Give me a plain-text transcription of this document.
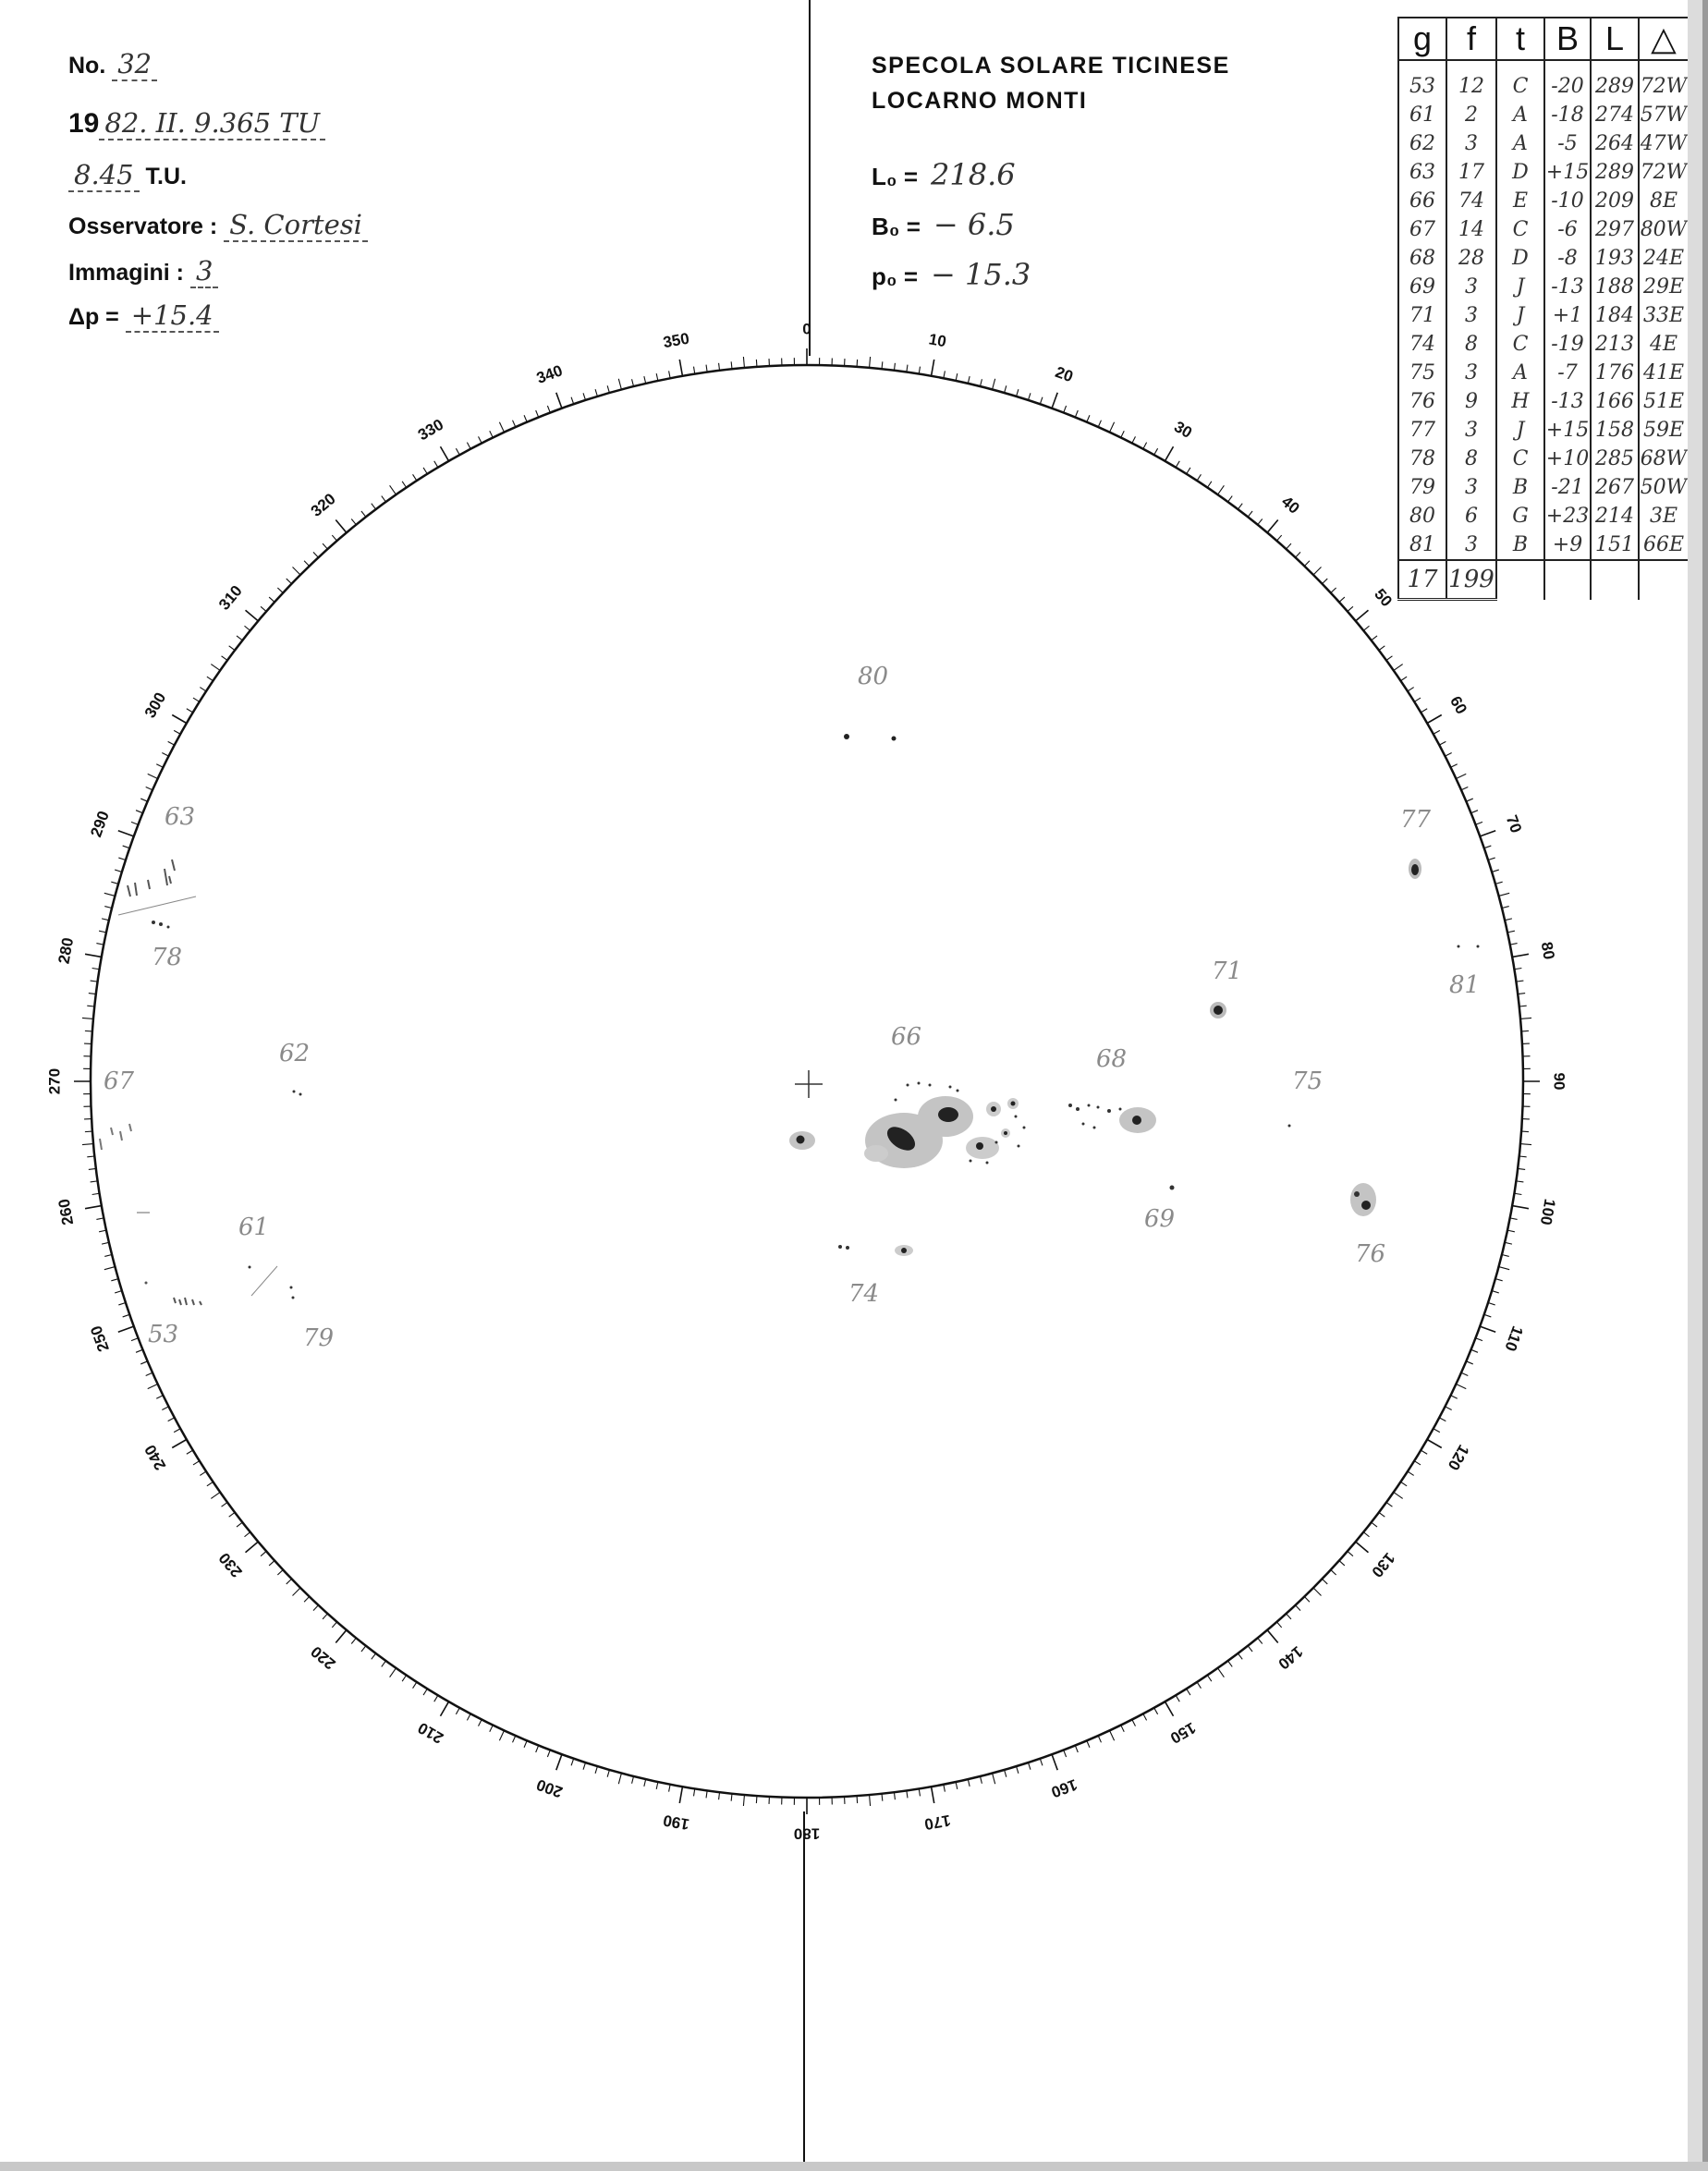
No. 32
19 82. II. 9.365 TU
8.45 T.U.
Osservatore : S. Cortesi
Immagini : 3
Δp = +15.4
SPECOLA SOLARE TICINESE
LOCARNO MONTI
L₀ = 218.6
B₀ = − 6.5
p₀ = − 15.3
0
10
20
30
40
50
60
70
80
90
100
110
120
130
140
150
160
170
180
190
200
210
220
230
240
250
260
270
280
290
300
310
320
330
340
350
80
63
78
77
71	81
66
68
62
67	75
69
76
61
74
53	79
g	f	t	B	L	△
53	12	C	-20	289	72W
61	2	A	-18	274	57W
62	3	A	-5	264	47W
63	17	D	+15	289	72W
66	74	E	-10	209	8E
67	14	C	-6	297	80W
68	28	D	-8	193	24E
69	3	J	-13	188	29E
71	3	J	+1	184	33E
74	8	C	-19	213	4E
75	3	A	-7	176	41E
76	9	H	-13	166	51E
77	3	J	+15	158	59E
78	8	C	+10	285	68W
79	3	B	-21	267	50W
80	6	G	+23	214	3E
81	3	B	+9	151	66E
17	199				
